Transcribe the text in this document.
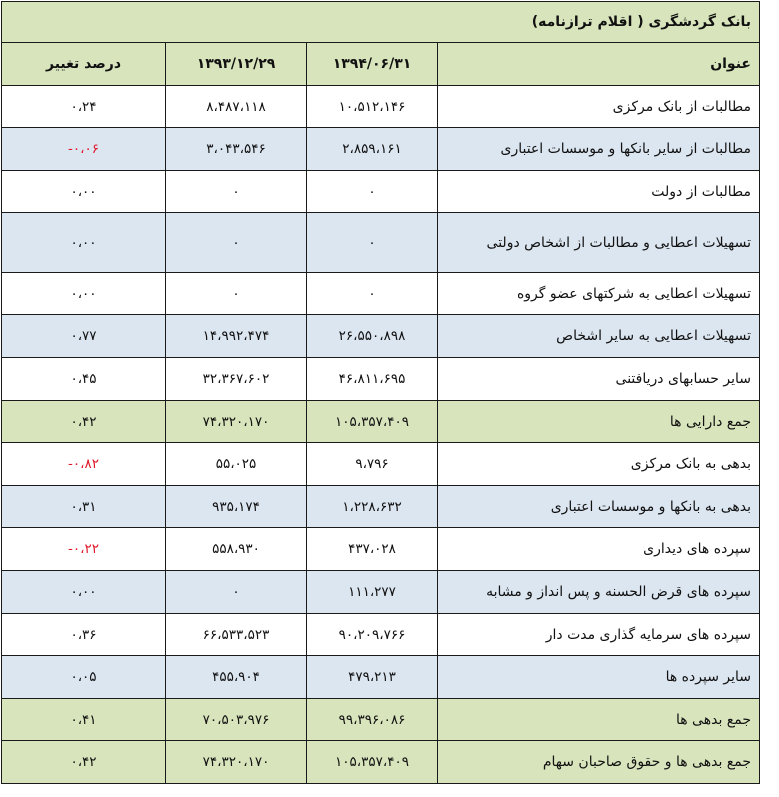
بانک گردشگری ( اقلام ترازنامه)			
عنوان	۱۳۹۴/۰۶/۳۱	۱۳۹۳/۱۲/۲۹	درصد تغییر
مطالبات از بانک مرکزی	۱۰،۵۱۲،۱۴۶	۸،۴۸۷،۱۱۸	۰،۲۴
مطالبات از سایر بانکها و موسسات اعتباری	۲،۸۵۹،۱۶۱	۳،۰۴۳،۵۴۶	-۰،۰۶
مطالبات از دولت	۰	۰	۰،۰۰
تسهیلات اعطایی و مطالبات از اشخاص دولتی	۰	۰	۰،۰۰
تسهیلات اعطایی به شرکتهای عضو گروه	۰	۰	۰،۰۰
تسهیلات اعطایی به سایر اشخاص	۲۶،۵۵۰،۸۹۸	۱۴،۹۹۲،۴۷۴	۰،۷۷
سایر حسابهای دریافتنی	۴۶،۸۱۱،۶۹۵	۳۲،۳۶۷،۶۰۲	۰،۴۵
جمع دارایی ها	۱۰۵،۳۵۷،۴۰۹	۷۴،۳۲۰،۱۷۰	۰،۴۲
بدهی به بانک مرکزی	۹،۷۹۶	۵۵،۰۲۵	-۰،۸۲
بدهی به بانکها و موسسات اعتباری	۱،۲۲۸،۶۳۲	۹۳۵،۱۷۴	۰،۳۱
سپرده های دیداری	۴۳۷،۰۲۸	۵۵۸،۹۳۰	-۰،۲۲
سپرده های قرض الحسنه و پس انداز و مشابه	۱۱۱،۲۷۷	۰	۰،۰۰
سپرده های سرمایه گذاری مدت دار	۹۰،۲۰۹،۷۶۶	۶۶،۵۳۳،۵۲۳	۰،۳۶
سایر سپرده ها	۴۷۹،۲۱۳	۴۵۵،۹۰۴	۰،۰۵
جمع بدهی ها	۹۹،۳۹۶،۰۸۶	۷۰،۵۰۳،۹۷۶	۰،۴۱
جمع بدهی ها و حقوق صاحبان سهام	۱۰۵،۳۵۷،۴۰۹	۷۴،۳۲۰،۱۷۰	۰،۴۲
